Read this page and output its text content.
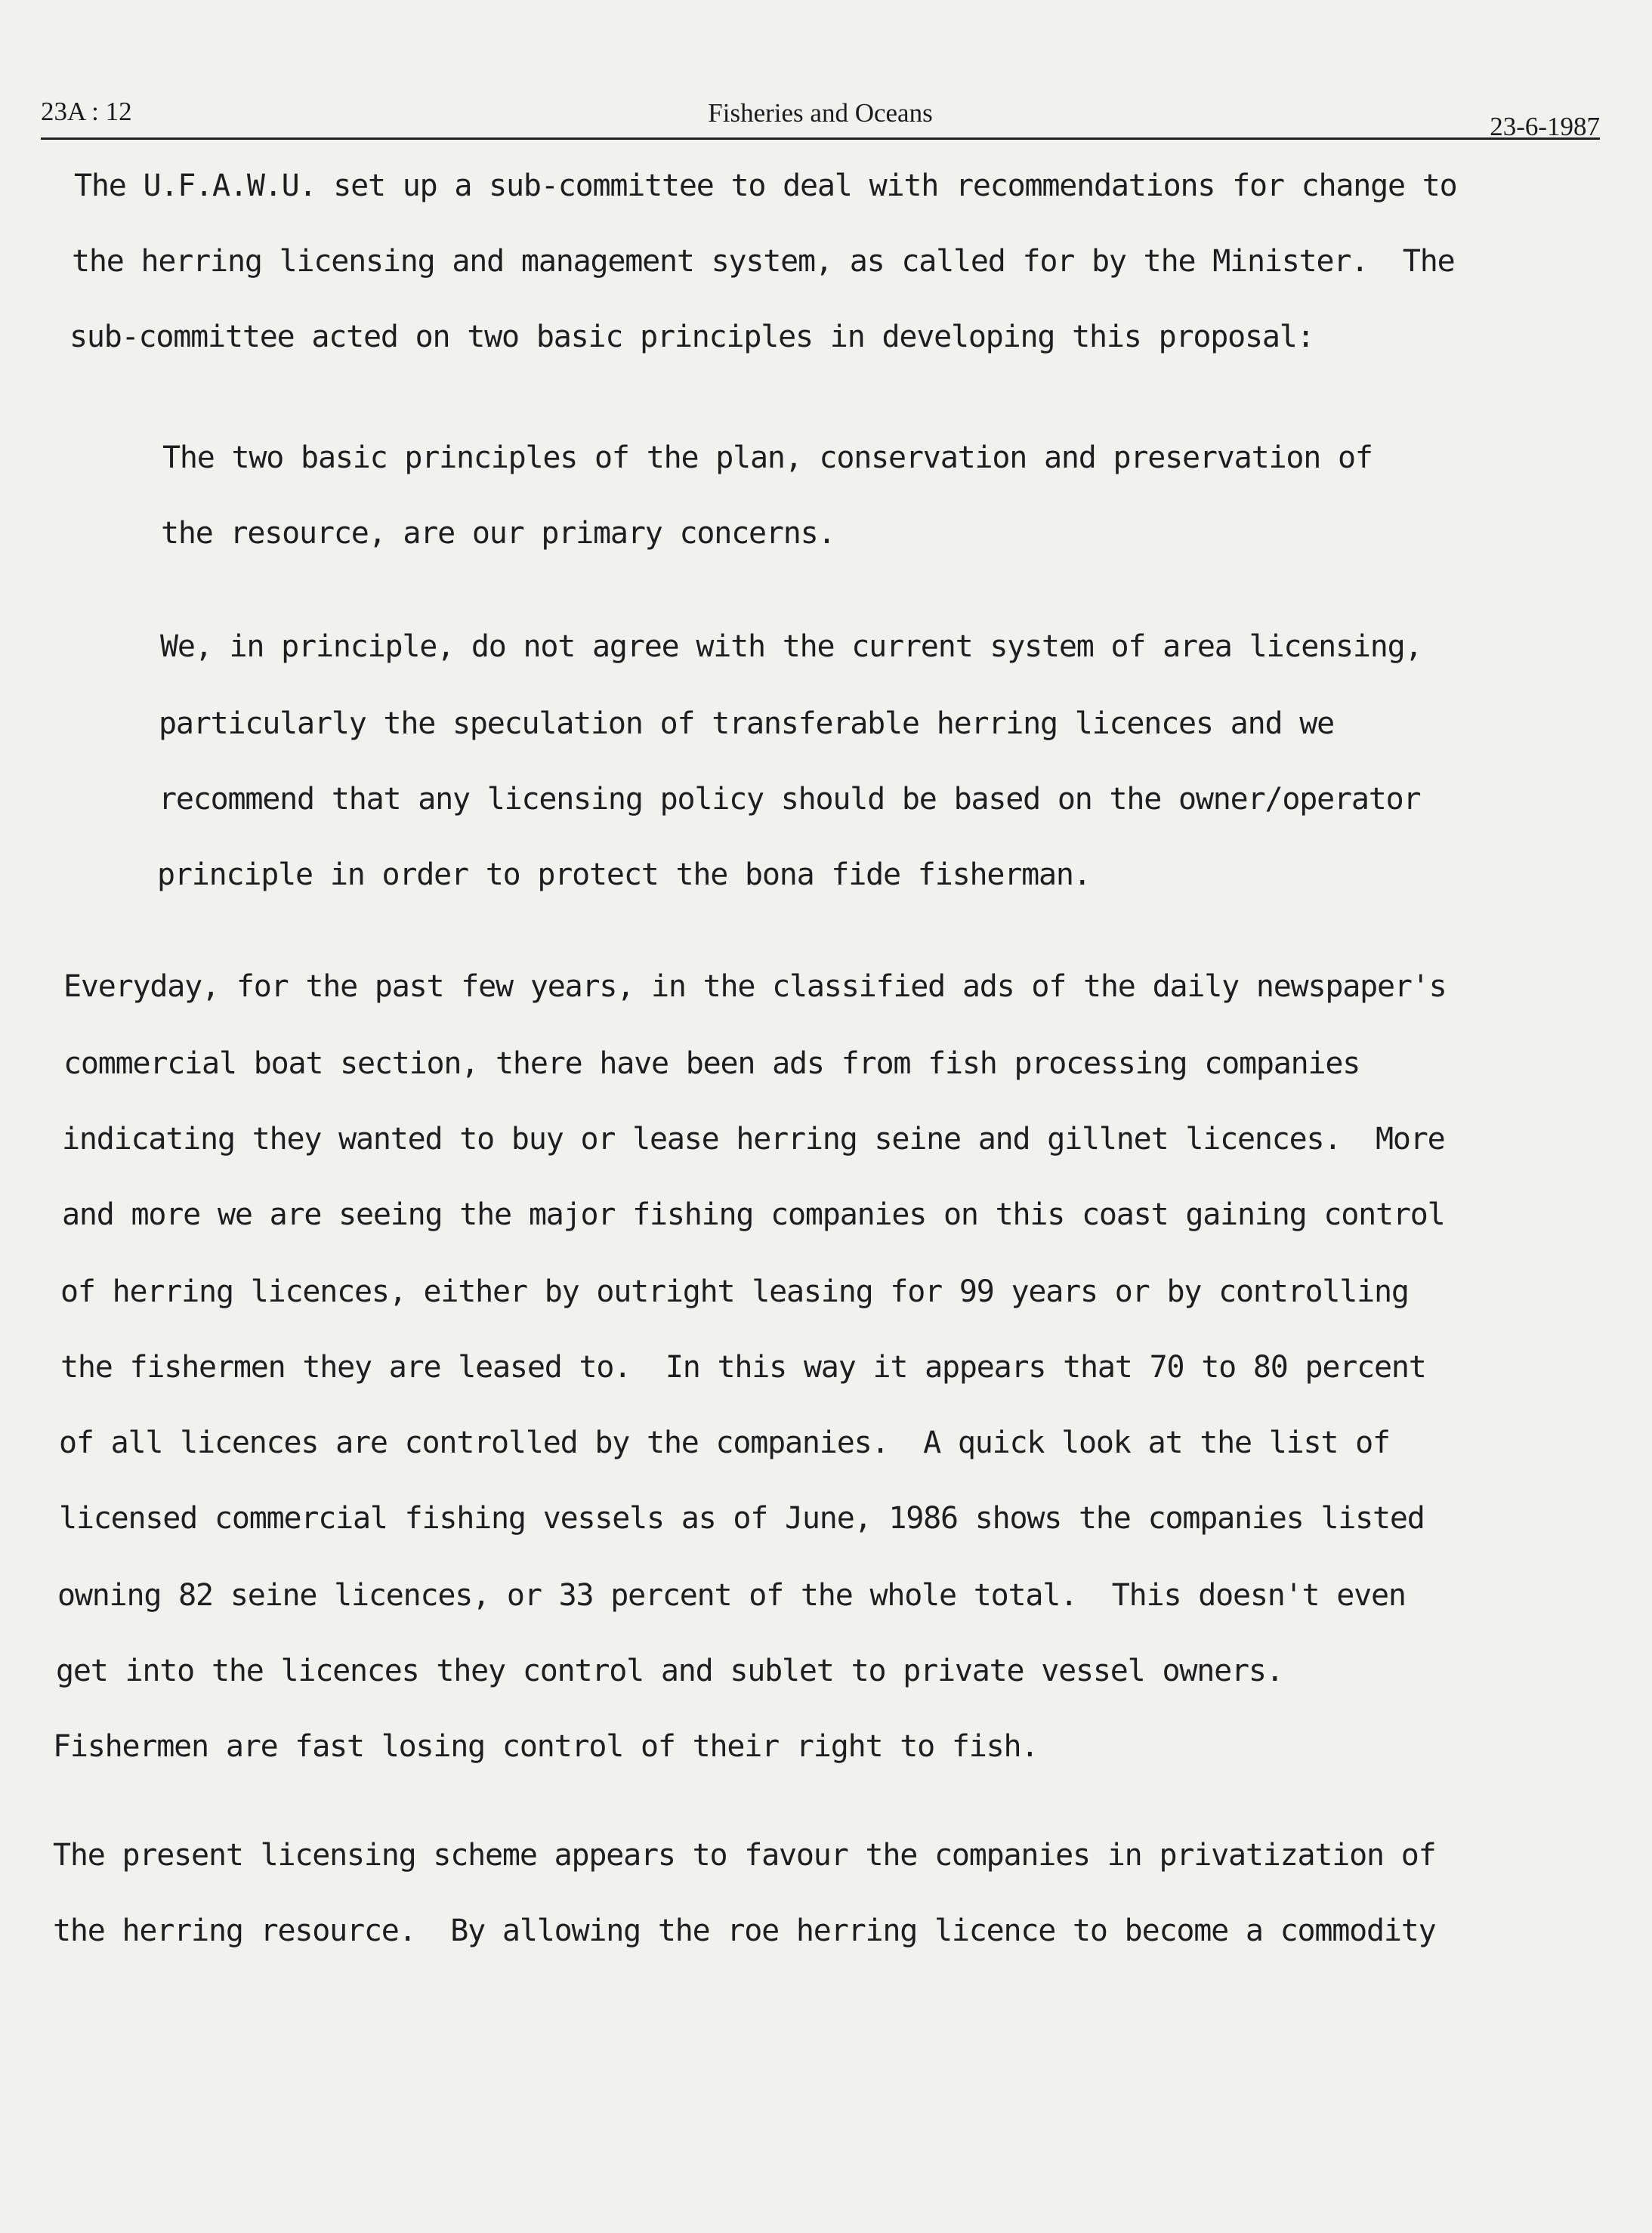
23A : 12	Fisheries and Oceans	23-6-1987
The U.F.A.W.U. set up a sub-committee to deal with recommendations for change to
the herring licensing and management system, as called for by the Minister.  The
sub-committee acted on two basic principles in developing this proposal:
The two basic principles of the plan, conservation and preservation of
the resource, are our primary concerns.
We, in principle, do not agree with the current system of area licensing,
particularly the speculation of transferable herring licences and we
recommend that any licensing policy should be based on the owner/operator
principle in order to protect the bona fide fisherman.
Everyday, for the past few years, in the classified ads of the daily newspaper's
commercial boat section, there have been ads from fish processing companies
indicating they wanted to buy or lease herring seine and gillnet licences.  More
and more we are seeing the major fishing companies on this coast gaining control
of herring licences, either by outright leasing for 99 years or by controlling
the fishermen they are leased to.  In this way it appears that 70 to 80 percent
of all licences are controlled by the companies.  A quick look at the list of
licensed commercial fishing vessels as of June, 1986 shows the companies listed
owning 82 seine licences, or 33 percent of the whole total.  This doesn't even
get into the licences they control and sublet to private vessel owners.
Fishermen are fast losing control of their right to fish.
The present licensing scheme appears to favour the companies in privatization of
the herring resource.  By allowing the roe herring licence to become a commodity
